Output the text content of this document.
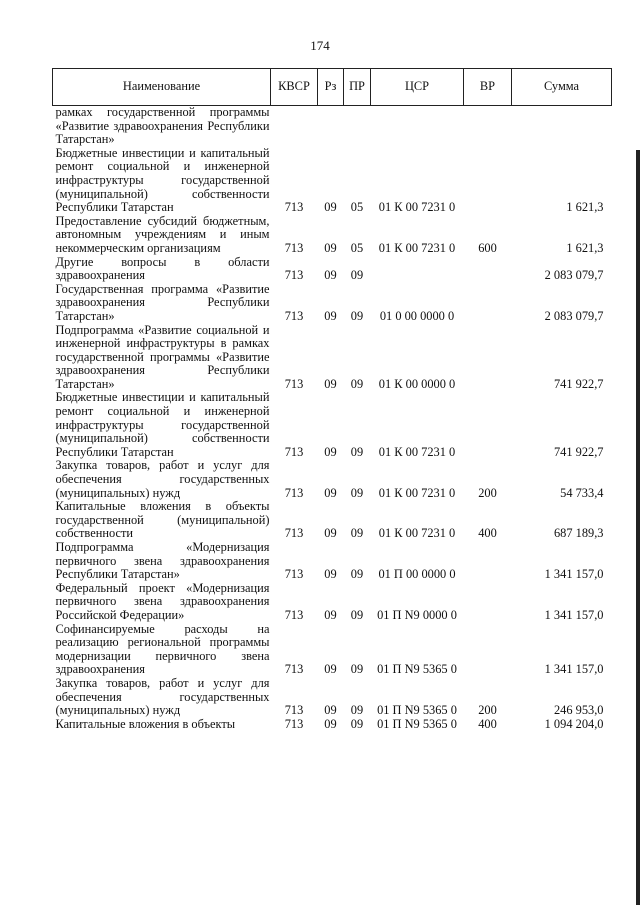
174
Наименование	КВСР	Рз	ПР	ЦСР	ВР	Сумма
рамках государственной программы «Развитие здравоохранения Республики Татарстан»						
Бюджетные инвестиции и капитальный ремонт социальной и инженерной инфраструктуры государственной (муниципальной) собственности Республики Татарстан	713	09	05	01 К 00 7231 0		1 621,3
Предоставление субсидий бюджетным, автономным учреждениям и иным некоммерческим организациям	713	09	05	01 К 00 7231 0	600	1 621,3
Другие вопросы в области здравоохранения	713	09	09			2 083 079,7
Государственная программа «Развитие здравоохранения Республики Татарстан»	713	09	09	01 0 00 0000 0		2 083 079,7
Подпрограмма «Развитие социальной и инженерной инфраструктуры в рамках государственной программы «Развитие здравоохранения Республики Татарстан»	713	09	09	01 К 00 0000 0		741 922,7
Бюджетные инвестиции и капитальный ремонт социальной и инженерной инфраструктуры государственной (муниципальной) собственности Республики Татарстан	713	09	09	01 К 00 7231 0		741 922,7
Закупка товаров, работ и услуг для обеспечения государственных (муниципальных) нужд	713	09	09	01 К 00 7231 0	200	54 733,4
Капитальные вложения в объекты государственной (муниципальной) собственности	713	09	09	01 К 00 7231 0	400	687 189,3
Подпрограмма «Модернизация первичного звена здравоохранения Республики Татарстан»	713	09	09	01 П 00 0000 0		1 341 157,0
Федеральный проект «Модернизация первичного звена здравоохранения Российской Федерации»	713	09	09	01 П N9 0000 0		1 341 157,0
Софинансируемые расходы на реализацию региональной программы модернизации первичного звена здравоохранения	713	09	09	01 П N9 5365 0		1 341 157,0
Закупка товаров, работ и услуг для обеспечения государственных (муниципальных) нужд	713	09	09	01 П N9 5365 0	200	246 953,0
Капитальные вложения в объекты	713	09	09	01 П N9 5365 0	400	1 094 204,0
